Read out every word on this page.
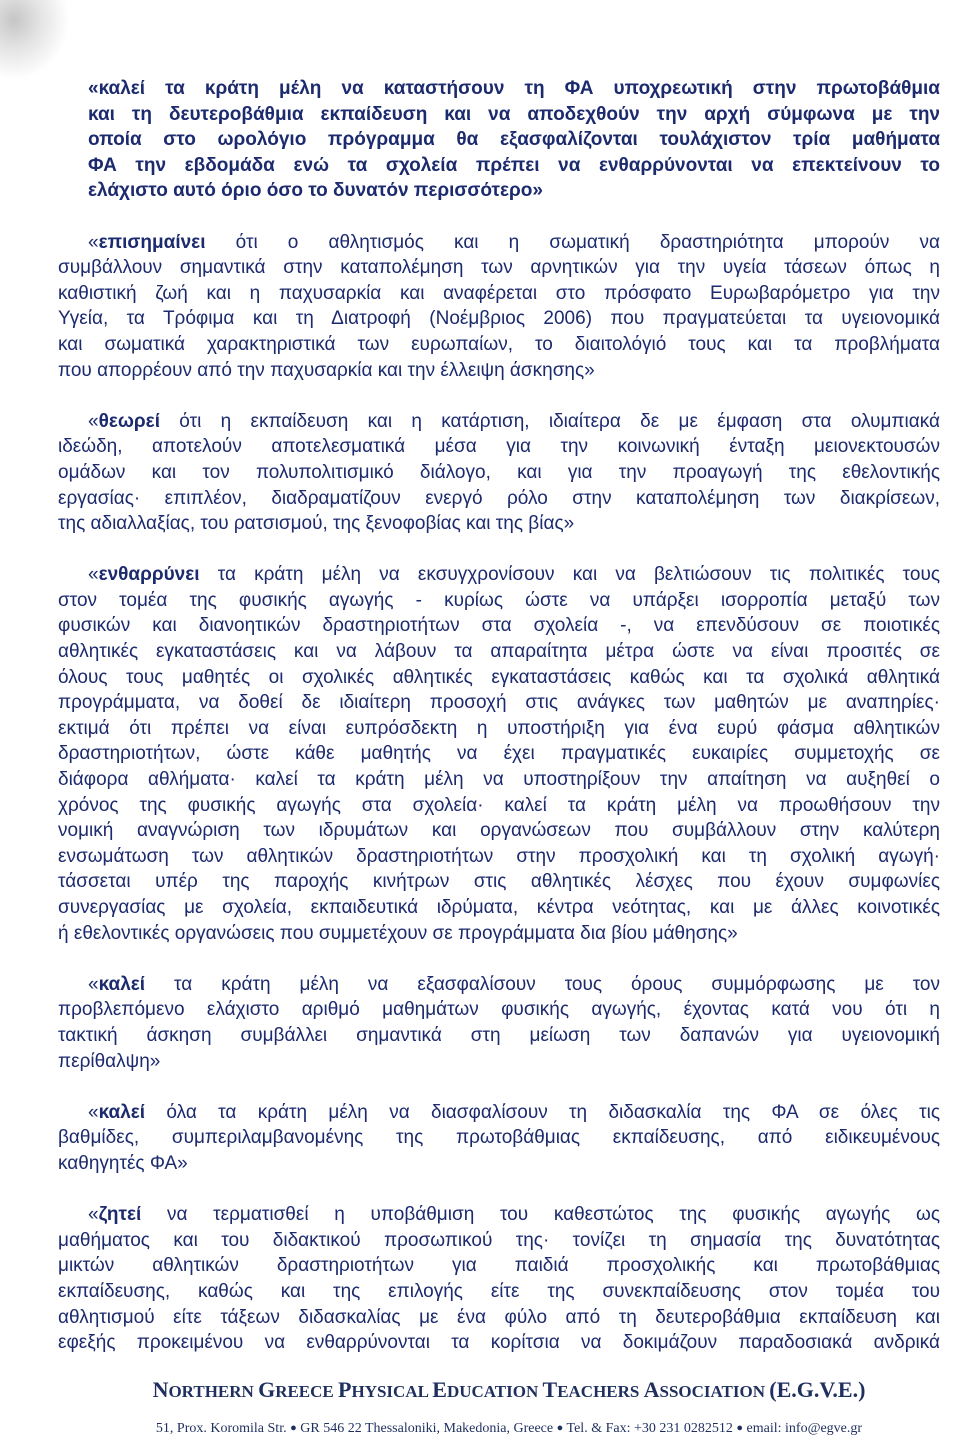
«καλεί τα κράτη μέλη να καταστήσουν τη ΦΑ υποχρεωτική στην πρωτοβάθμια
και τη δευτεροβάθμια εκπαίδευση και να αποδεχθούν την αρχή σύμφωνα με την
οποία στο ωρολόγιο πρόγραμμα θα εξασφαλίζονται τουλάχιστον τρία μαθήματα
ΦΑ την εβδομάδα ενώ τα σχολεία πρέπει να ενθαρρύνονται να επεκτείνουν το
ελάχιστο αυτό όριο όσο το δυνατόν περισσότερο»
«επισημαίνει ότι ο αθλητισμός και η σωματική δραστηριότητα μπορούν να
συμβάλλουν σημαντικά στην καταπολέμηση των αρνητικών για την υγεία τάσεων όπως η
καθιστική ζωή και η παχυσαρκία και αναφέρεται στο πρόσφατο Ευρωβαρόμετρο για την
Υγεία, τα Τρόφιμα και τη Διατροφή (Νοέμβριος 2006) που πραγματεύεται τα υγειονομικά
και σωματικά χαρακτηριστικά των ευρωπαίων, το διαιτολόγιό τους και τα προβλήματα
που απορρέουν από την παχυσαρκία και την έλλειψη άσκησης»
«θεωρεί ότι η εκπαίδευση και η κατάρτιση, ιδιαίτερα δε με έμφαση στα ολυμπιακά
ιδεώδη, αποτελούν αποτελεσματικά μέσα για την κοινωνική ένταξη μειονεκτουσών
ομάδων και τον πολυπολιτισμικό διάλογο, και για την προαγωγή της εθελοντικής
εργασίας· επιπλέον, διαδραματίζουν ενεργό ρόλο στην καταπολέμηση των διακρίσεων,
της αδιαλλαξίας, του ρατσισμού, της ξενοφοβίας και της βίας»
«ενθαρρύνει τα κράτη μέλη να εκσυγχρονίσουν και να βελτιώσουν τις πολιτικές τους
στον τομέα της φυσικής αγωγής - κυρίως ώστε να υπάρξει ισορροπία μεταξύ των
φυσικών και διανοητικών δραστηριοτήτων στα σχολεία -, να επενδύσουν σε ποιοτικές
αθλητικές εγκαταστάσεις και να λάβουν τα απαραίτητα μέτρα ώστε να είναι προσιτές σε
όλους τους μαθητές οι σχολικές αθλητικές εγκαταστάσεις καθώς και τα σχολικά αθλητικά
προγράμματα, να δοθεί δε ιδιαίτερη προσοχή στις ανάγκες των μαθητών με αναπηρίες·
εκτιμά ότι πρέπει να είναι ευπρόσδεκτη η υποστήριξη για ένα ευρύ φάσμα αθλητικών
δραστηριοτήτων, ώστε κάθε μαθητής να έχει πραγματικές ευκαιρίες συμμετοχής σε
διάφορα αθλήματα· καλεί τα κράτη μέλη να υποστηρίξουν την απαίτηση να αυξηθεί ο
χρόνος της φυσικής αγωγής στα σχολεία· καλεί τα κράτη μέλη να προωθήσουν την
νομική αναγνώριση των ιδρυμάτων και οργανώσεων που συμβάλλουν στην καλύτερη
ενσωμάτωση των αθλητικών δραστηριοτήτων στην προσχολική και τη σχολική αγωγή·
τάσσεται υπέρ της παροχής κινήτρων στις αθλητικές λέσχες που έχουν συμφωνίες
συνεργασίας με σχολεία, εκπαιδευτικά ιδρύματα, κέντρα νεότητας, και με άλλες κοινοτικές
ή εθελοντικές οργανώσεις που συμμετέχουν σε προγράμματα δια βίου μάθησης»
«καλεί τα κράτη μέλη να εξασφαλίσουν τους όρους συμμόρφωσης με τον
προβλεπόμενο ελάχιστο αριθμό μαθημάτων φυσικής αγωγής, έχοντας κατά νου ότι η
τακτική άσκηση συμβάλλει σημαντικά στη μείωση των δαπανών για υγειονομική
περίθαλψη»
«καλεί όλα τα κράτη μέλη να διασφαλίσουν τη διδασκαλία της ΦΑ σε όλες τις
βαθμίδες, συμπεριλαμβανομένης της πρωτοβάθμιας εκπαίδευσης, από ειδικευμένους
καθηγητές ΦΑ»
«ζητεί να τερματισθεί η υποβάθμιση του καθεστώτος της φυσικής αγωγής ως
μαθήματος και του διδακτικού προσωπικού της· τονίζει τη σημασία της δυνατότητας
μικτών αθλητικών δραστηριοτήτων για παιδιά προσχολικής και πρωτοβάθμιας
εκπαίδευσης, καθώς και της επιλογής είτε της συνεκπαίδευσης στον τομέα του
αθλητισμού είτε τάξεων διδασκαλίας με ένα φύλο από τη δευτεροβάθμια εκπαίδευση και
εφεξής προκειμένου να ενθαρρύνονται τα κορίτσια να δοκιμάζουν παραδοσιακά ανδρικά
NORTHERN GREECE PHYSICAL EDUCATION TEACHERS ASSOCIATION (E.G.V.E.)
51, Prox. Koromila Str. ● GR 546 22 Thessaloniki, Makedonia, Greece ● Tel. & Fax: +30 231 0282512 ● email: info@egve.gr
